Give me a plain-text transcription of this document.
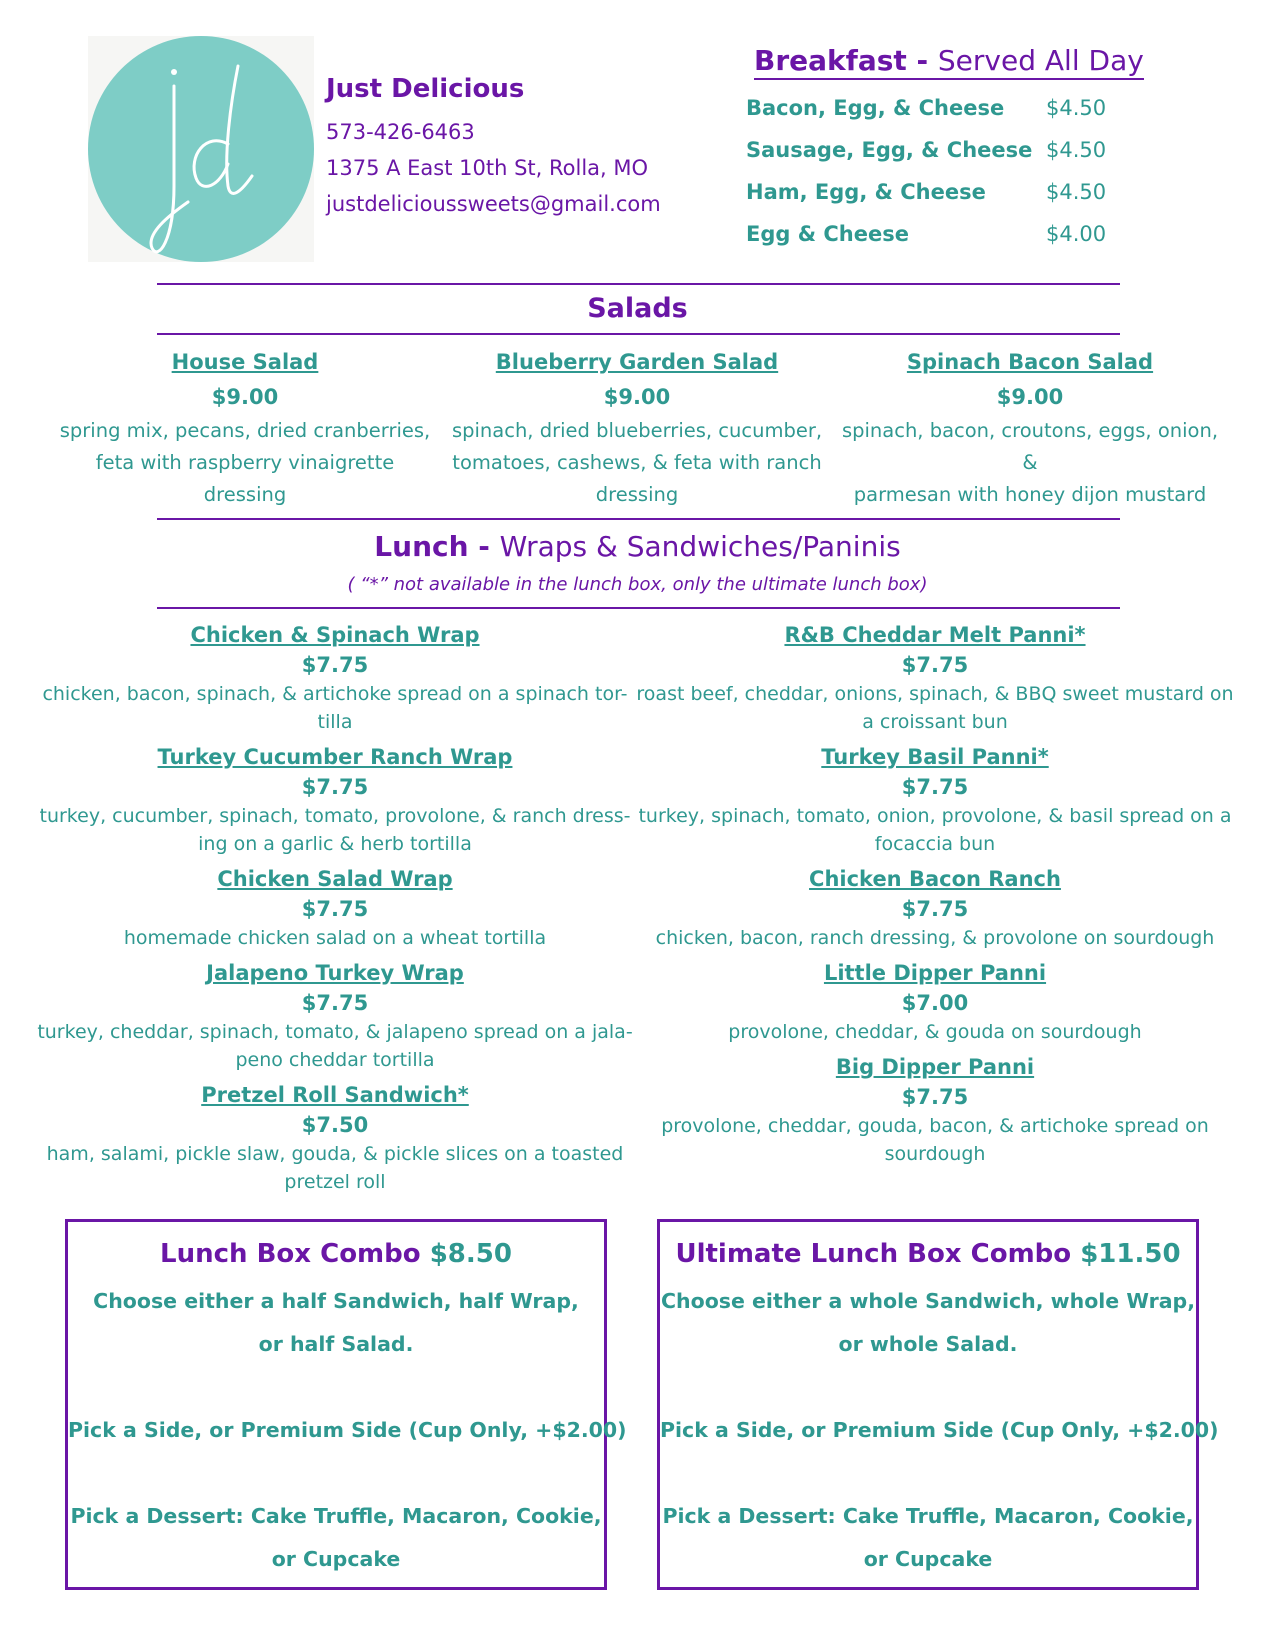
Just Delicious
573-426-6463
1375 A East 10th St, Rolla, MO
justdelicioussweets@gmail.com
Breakfast - Served All Day
Bacon, Egg, & Cheese $4.50
Sausage, Egg, & Cheese $4.50
Ham, Egg, & Cheese	$4.50
Egg & Cheese	$4.00
Salads
House Salad
$9.00
spring mix, pecans, dried cranberries,
feta with raspberry vinaigrette dressing
Blueberry Garden Salad
$9.00
spinach, dried blueberries, cucumber,
tomatoes, cashews, & feta with ranch
dressing
Spinach Bacon Salad
$9.00
spinach, bacon, croutons, eggs, onion, &
parmesan with honey dijon mustard
Lunch - Wraps & Sandwiches/Paninis
( “*” not available in the lunch box, only the ultimate lunch box)
Chicken & Spinach Wrap
$7.75
chicken, bacon, spinach, & artichoke spread on a spinach tor-
tilla
Turkey Cucumber Ranch Wrap
$7.75
turkey, cucumber, spinach, tomato, provolone, & ranch dress-
ing on a garlic & herb tortilla
Chicken Salad Wrap
$7.75
homemade chicken salad on a wheat tortilla
Jalapeno Turkey Wrap
$7.75
turkey, cheddar, spinach, tomato, & jalapeno spread on a jala-
peno cheddar tortilla
Pretzel Roll Sandwich*
$7.50
ham, salami, pickle slaw, gouda, & pickle slices on a toasted
pretzel roll
R&B Cheddar Melt Panni*
$7.75
roast beef, cheddar, onions, spinach, & BBQ sweet mustard on
a croissant bun
Turkey Basil Panni*
$7.75
turkey, spinach, tomato, onion, provolone, & basil spread on a
focaccia bun
Chicken Bacon Ranch
$7.75
chicken, bacon, ranch dressing, & provolone on sourdough
Little Dipper Panni
$7.00
provolone, cheddar, & gouda on sourdough
Big Dipper Panni
$7.75
provolone, cheddar, gouda, bacon, & artichoke spread on
sourdough
Lunch Box Combo $8.50
Choose either a half Sandwich, half Wrap,
or half Salad.
Pick a Side, or Premium Side (Cup Only, +$2.00)
Pick a Dessert: Cake Truffle, Macaron, Cookie,
or Cupcake
Ultimate Lunch Box Combo $11.50
Choose either a whole Sandwich, whole Wrap,
or whole Salad.
Pick a Side, or Premium Side (Cup Only, +$2.00)
Pick a Dessert: Cake Truffle, Macaron, Cookie,
or Cupcake
